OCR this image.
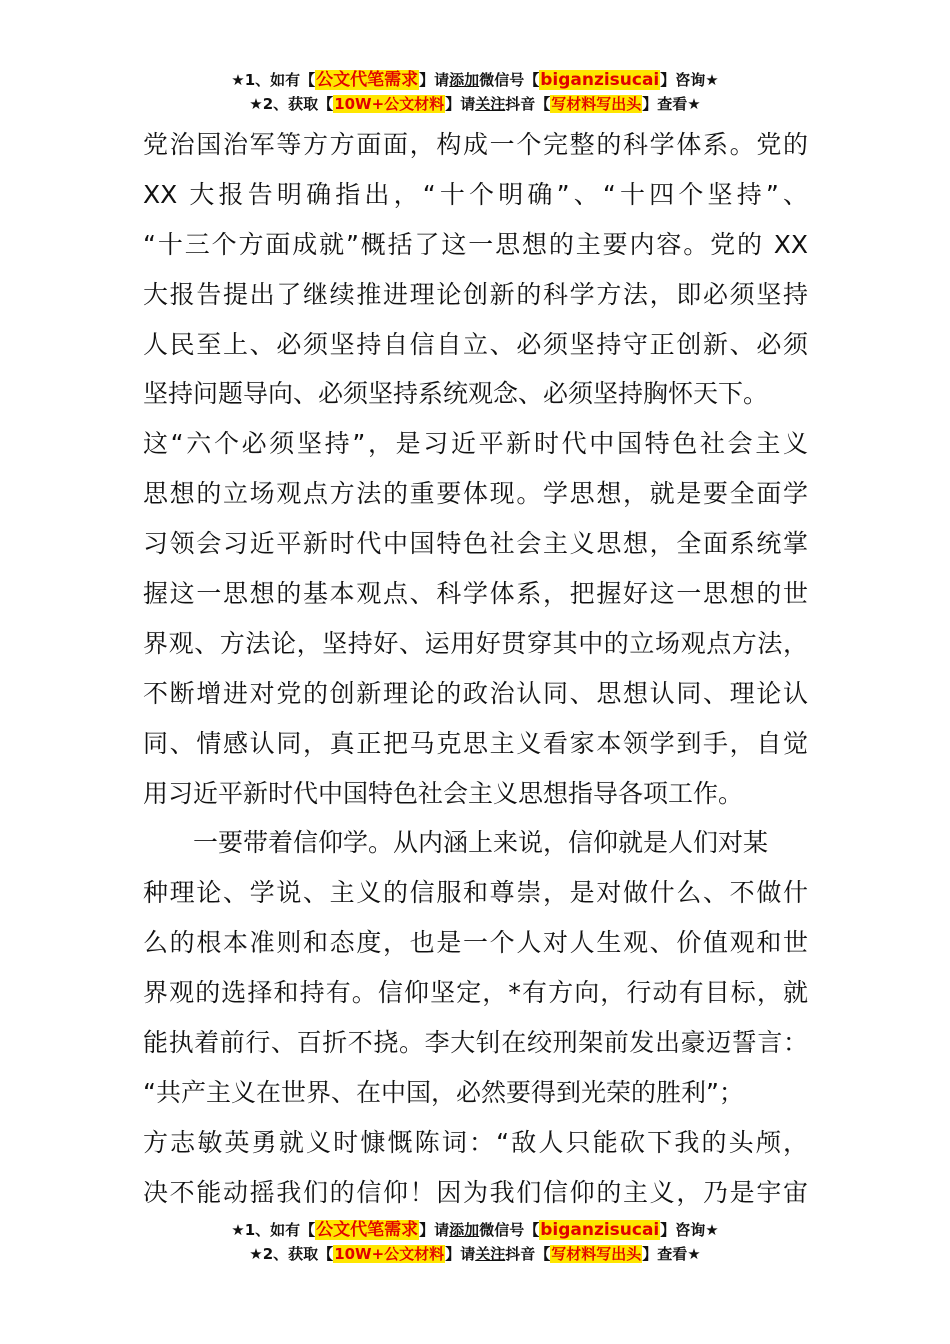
★1、如有【公文代笔需求】请添加微信号【biganzisucai】咨询★
★2、获取【10W+公文材料】请关注抖音【写材料写出头】查看★
党治国治军等方方面面，构成一个完整的科学体系。党的
XX 大报告明确指出，“十个明确”、“十四个坚持”、
“十三个方面成就”概括了这一思想的主要内容。党的 XX
大报告提出了继续推进理论创新的科学方法，即必须坚持
人民至上、必须坚持自信自立、必须坚持守正创新、必须
坚持问题导向、必须坚持系统观念、必须坚持胸怀天下。
这“六个必须坚持”，是习近平新时代中国特色社会主义
思想的立场观点方法的重要体现。学思想，就是要全面学
习领会习近平新时代中国特色社会主义思想，全面系统掌
握这一思想的基本观点、科学体系，把握好这一思想的世
界观、方法论，坚持好、运用好贯穿其中的立场观点方法，
不断增进对党的创新理论的政治认同、思想认同、理论认
同、情感认同，真正把马克思主义看家本领学到手，自觉
用习近平新时代中国特色社会主义思想指导各项工作。
一要带着信仰学。从内涵上来说，信仰就是人们对某
种理论、学说、主义的信服和尊崇，是对做什么、不做什
么的根本准则和态度，也是一个人对人生观、价值观和世
界观的选择和持有。信仰坚定，*有方向，行动有目标，就
能执着前行、百折不挠。李大钊在绞刑架前发出豪迈誓言：
“共产主义在世界、在中国，必然要得到光荣的胜利”；
方志敏英勇就义时慷慨陈词：“敌人只能砍下我的头颅，
决不能动摇我们的信仰！因为我们信仰的主义，乃是宇宙
★1、如有【公文代笔需求】请添加微信号【biganzisucai】咨询★
★2、获取【10W+公文材料】请关注抖音【写材料写出头】查看★
